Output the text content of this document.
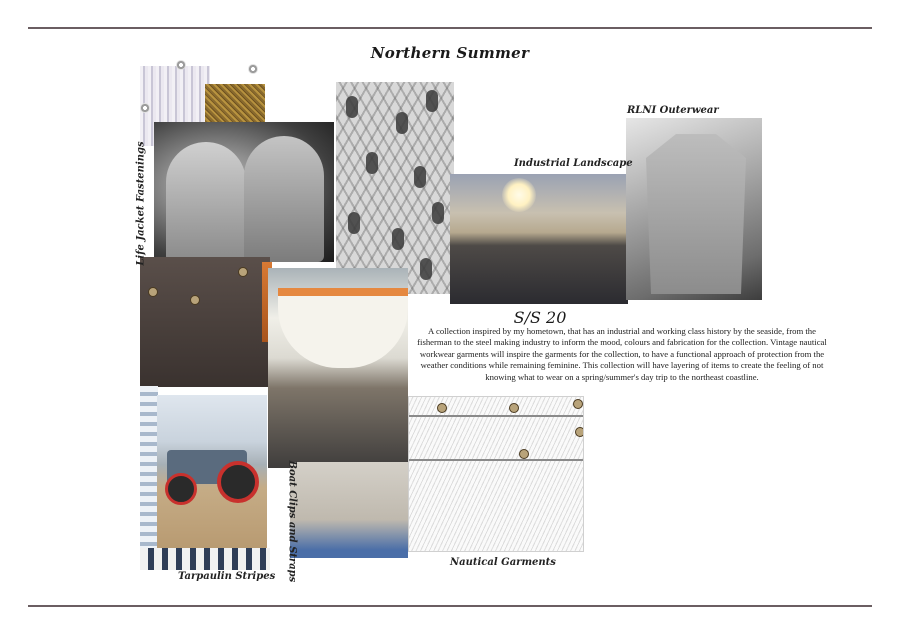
Northern Summer
Life Jacket Fastenings	Industrial Landscape
RLNI Outerwear
Boat Clips and Straps	Nautical Garments
Tarpaulin Stripes
S/S 20
A collection inspired by my hometown, that has an industrial and working class history by the seaside, from the fisherman to the steel making industry to inform the mood, colours and fabrication for the collection. Vintage nautical workwear garments will inspire the garments for the collection, to have a functional approach of protection from the weather conditions while remaining feminine. This collection will have layering of items to create the feeling of not knowing what to wear on a spring/summer's day trip to the northeast coastline.
